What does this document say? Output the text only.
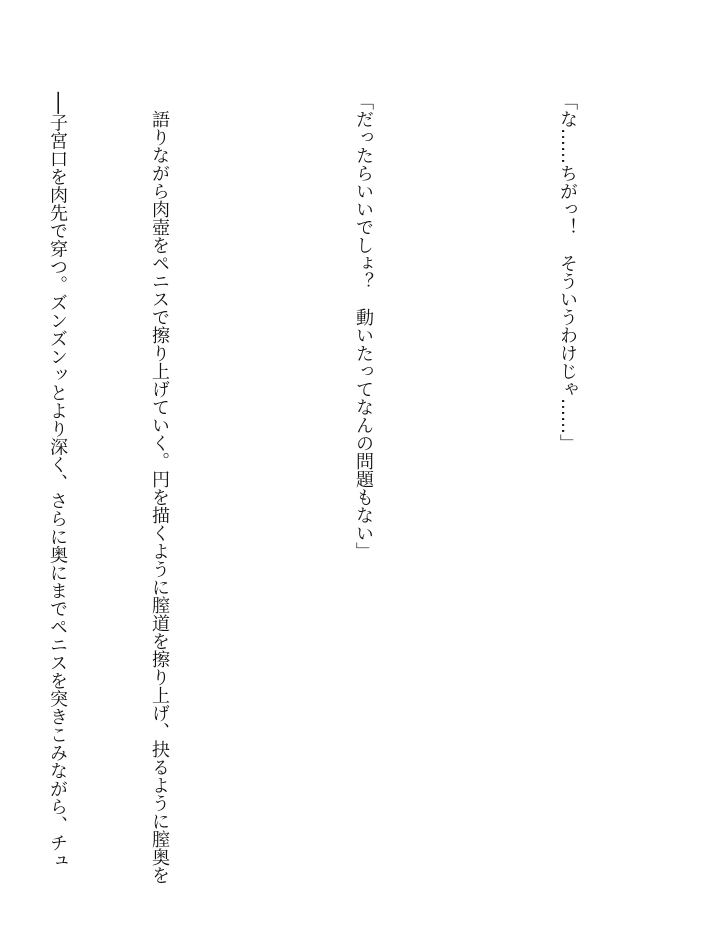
「な……ちがっ！　そういうわけじゃ……」

「だったらいいでしょ？　動いたってなんの問題もない」

　語りながら肉壺をペニスで擦り上げていく。円を描くように膣道を擦り上げ、抉るように膣奥を

──子宮口を肉先で穿つ。ズンズンッとより深く、さらに奥にまでペニスを突きこみながら、チュ
